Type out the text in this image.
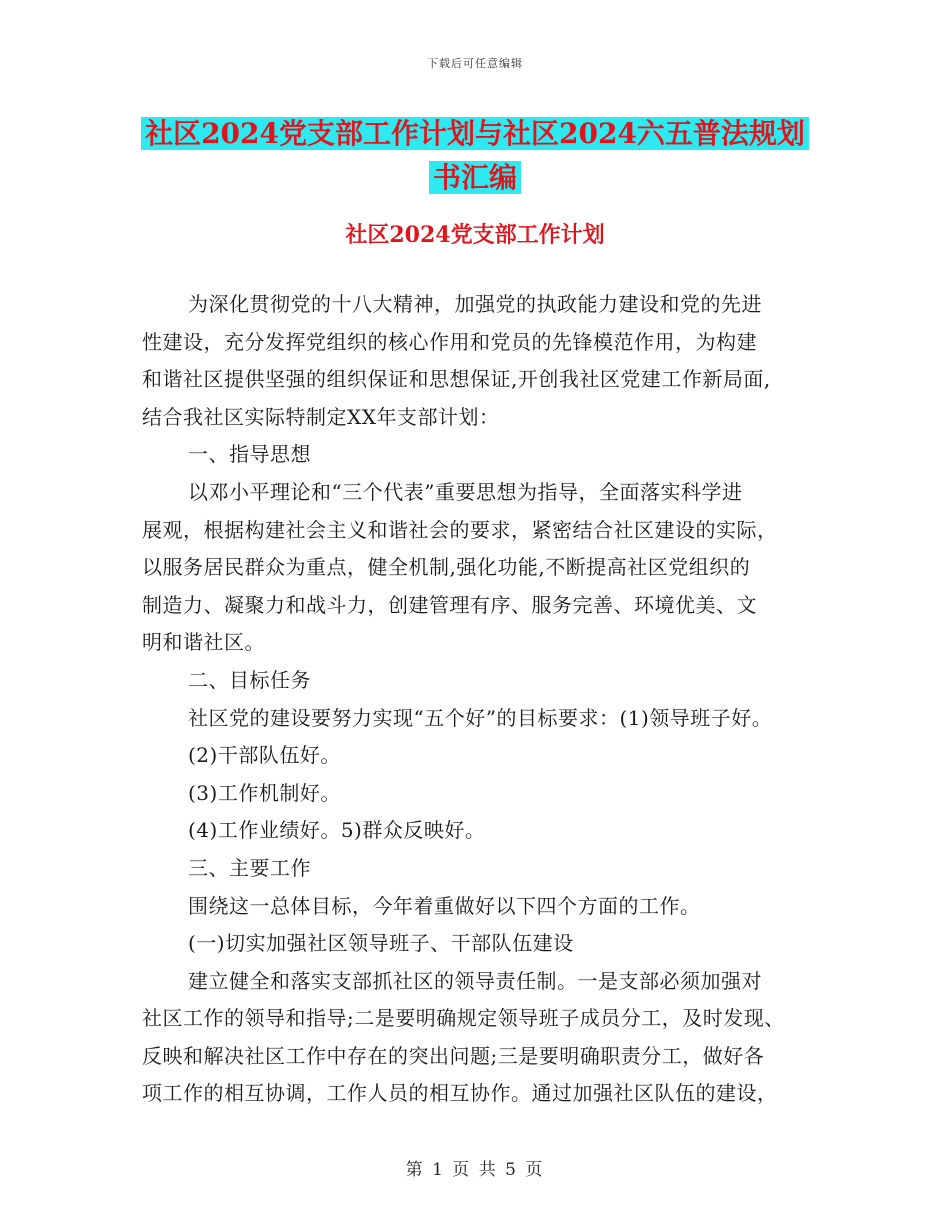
下载后可任意编辑
社区2024党支部工作计划与社区2024六五普法规划
书汇编
社区2024党支部工作计划
为深化贯彻党的十八大精神，加强党的执政能力建设和党的先进
性建设，充分发挥党组织的核心作用和党员的先锋模范作用，为构建
和谐社区提供坚强的组织保证和思想保证,开创我社区党建工作新局面,
结合我社区实际特制定XX年支部计划：
一、指导思想
以邓小平理论和“三个代表”重要思想为指导，全面落实科学进
展观，根据构建社会主义和谐社会的要求，紧密结合社区建设的实际，
以服务居民群众为重点，健全机制,强化功能,不断提高社区党组织的
制造力、凝聚力和战斗力，创建管理有序、服务完善、环境优美、文
明和谐社区。
二、目标任务
社区党的建设要努力实现“五个好”的目标要求：(1)领导班子好。
(2)干部队伍好。
(3)工作机制好。
(4)工作业绩好。5)群众反映好。
三、主要工作
围绕这一总体目标，今年着重做好以下四个方面的工作。
(一)切实加强社区领导班子、干部队伍建设
建立健全和落实支部抓社区的领导责任制。一是支部必须加强对
社区工作的领导和指导;二是要明确规定领导班子成员分工，及时发现、
反映和解决社区工作中存在的突出问题;三是要明确职责分工，做好各
项工作的相互协调，工作人员的相互协作。通过加强社区队伍的建设，
第 1 页 共 5 页
